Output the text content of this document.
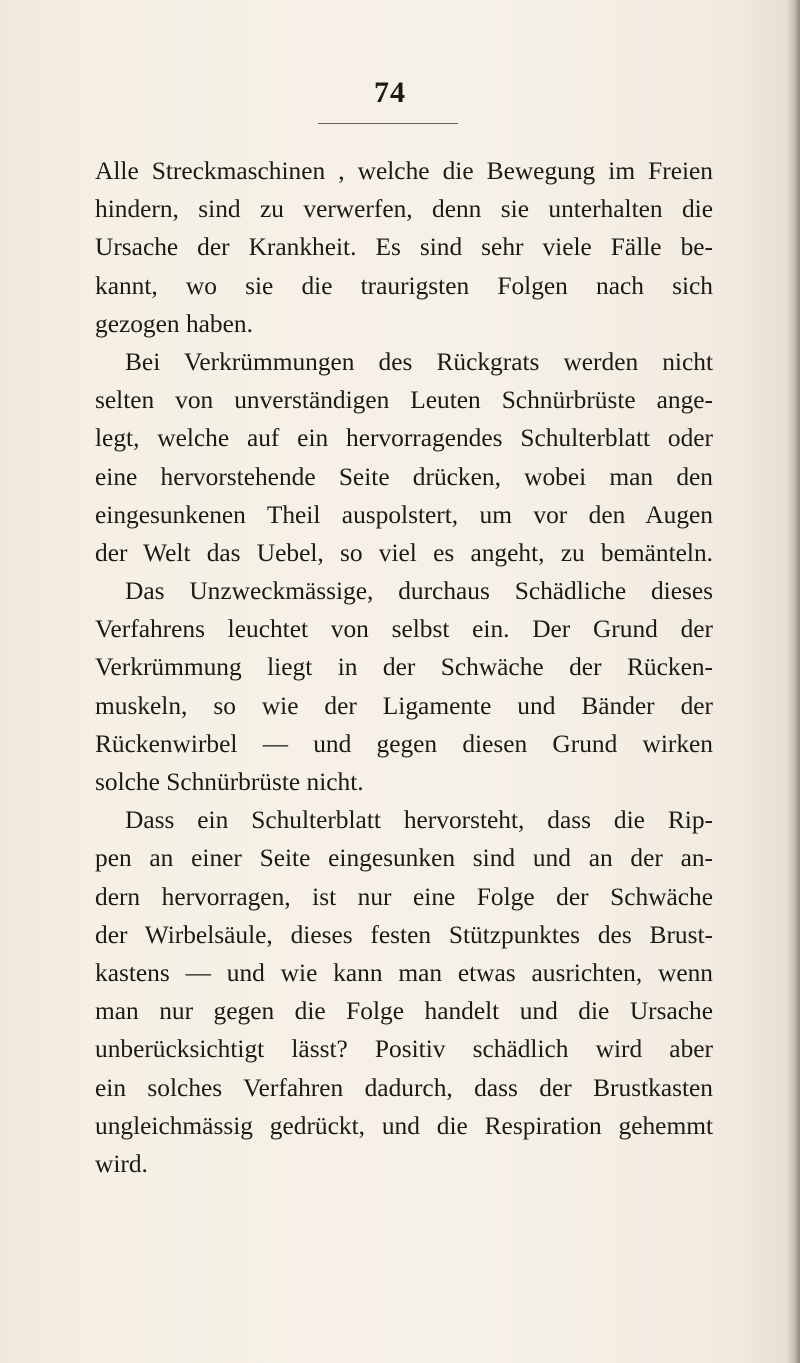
74
Alle Streckmaschinen , welche die Bewegung im Freien
hindern, sind zu verwerfen, denn sie unterhalten die
Ursache der Krankheit. Es sind sehr viele Fälle be-
kannt, wo sie die traurigsten Folgen nach sich
gezogen haben.
Bei Verkrümmungen des Rückgrats werden nicht
selten von unverständigen Leuten Schnürbrüste ange-
legt, welche auf ein hervorragendes Schulterblatt oder
eine hervorstehende Seite drücken, wobei man den
eingesunkenen Theil auspolstert, um vor den Augen
der Welt das Uebel, so viel es angeht, zu bemänteln.
Das Unzweckmässige, durchaus Schädliche dieses
Verfahrens leuchtet von selbst ein. Der Grund der
Verkrümmung liegt in der Schwäche der Rücken-
muskeln, so wie der Ligamente und Bänder der
Rückenwirbel — und gegen diesen Grund wirken
solche Schnürbrüste nicht.
Dass ein Schulterblatt hervorsteht, dass die Rip-
pen an einer Seite eingesunken sind und an der an-
dern hervorragen, ist nur eine Folge der Schwäche
der Wirbelsäule, dieses festen Stützpunktes des Brust-
kastens — und wie kann man etwas ausrichten, wenn
man nur gegen die Folge handelt und die Ursache
unberücksichtigt lässt? Positiv schädlich wird aber
ein solches Verfahren dadurch, dass der Brustkasten
ungleichmässig gedrückt, und die Respiration gehemmt
wird.
